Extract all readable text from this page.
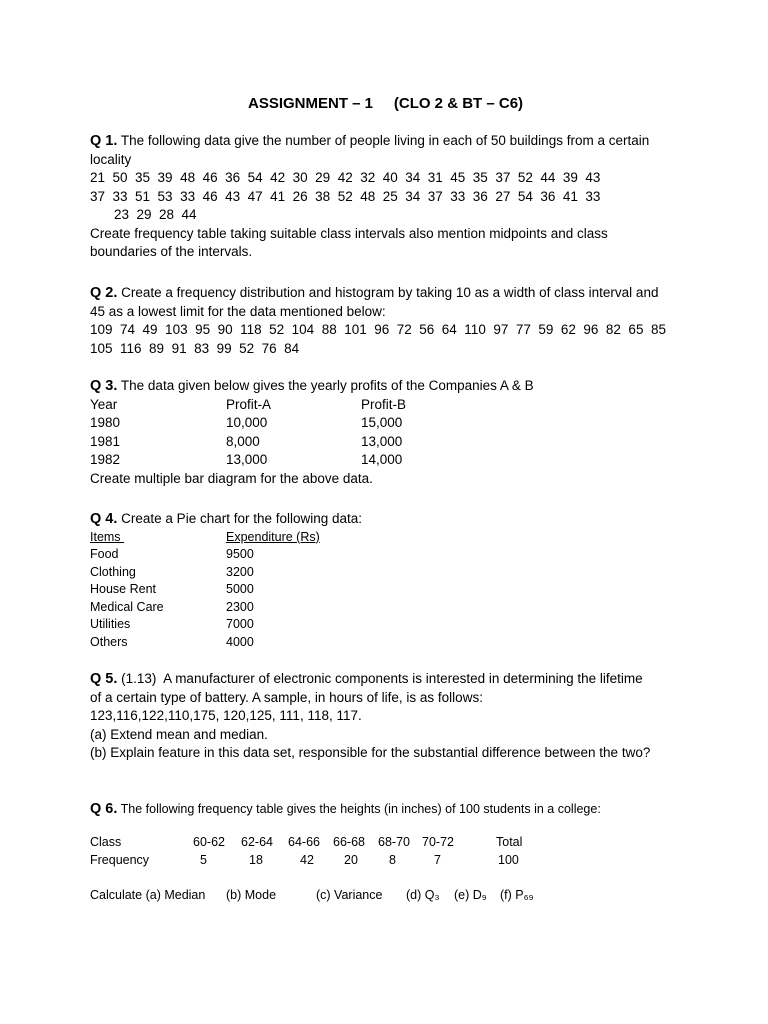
ASSIGNMENT – 1     (CLO 2 & BT – C6)
Q 1. The following data give the number of people living in each of 50 buildings from a certain
locality
21  50  35  39  48  46  36  54  42  30  29  42  32  40  34  31  45  35  37  52  44  39  43
37  33  51  53  33  46  43  47  41  26  38  52  48  25  34  37  33  36  27  54  36  41  33
23  29  28  44
Create frequency table taking suitable class intervals also mention midpoints and class
boundaries of the intervals.
Q 2. Create a frequency distribution and histogram by taking 10 as a width of class interval and
45 as a lowest limit for the data mentioned below:
109  74  49  103  95  90  118  52  104  88  101  96  72  56  64  110  97  77  59  62  96  82  65  85
105  116  89  91  83  99  52  76  84
Q 3. The data given below gives the yearly profits of the Companies A & B
Year	Profit-A	Profit-B
1980	10,000	15,000
1981	8,000	13,000
1982	13,000	14,000
Create multiple bar diagram for the above data.
Q 4. Create a Pie chart for the following data:
Items	Expenditure (Rs)
Food	9500
Clothing	3200
House Rent	5000
Medical Care	2300
Utilities	7000
Others	4000
Q 5. (1.13)  A manufacturer of electronic components is interested in determining the lifetime
of a certain type of battery. A sample, in hours of life, is as follows:
123,116,122,110,175, 120,125, 111, 118, 117.
(a) Extend mean and median.
(b) Explain feature in this data set, responsible for the substantial difference between the two?
Q 6. The following frequency table gives the heights (in inches) of 100 students in a college:
Class	60-62 62-64 64-66 66-68 68-70 70-72	Total
Frequency	5	18	42 20 8	7	100
Calculate (a) Median (b) Mode	(c) Variance (d) Q₃ (e) D₉ (f) P₆₉
